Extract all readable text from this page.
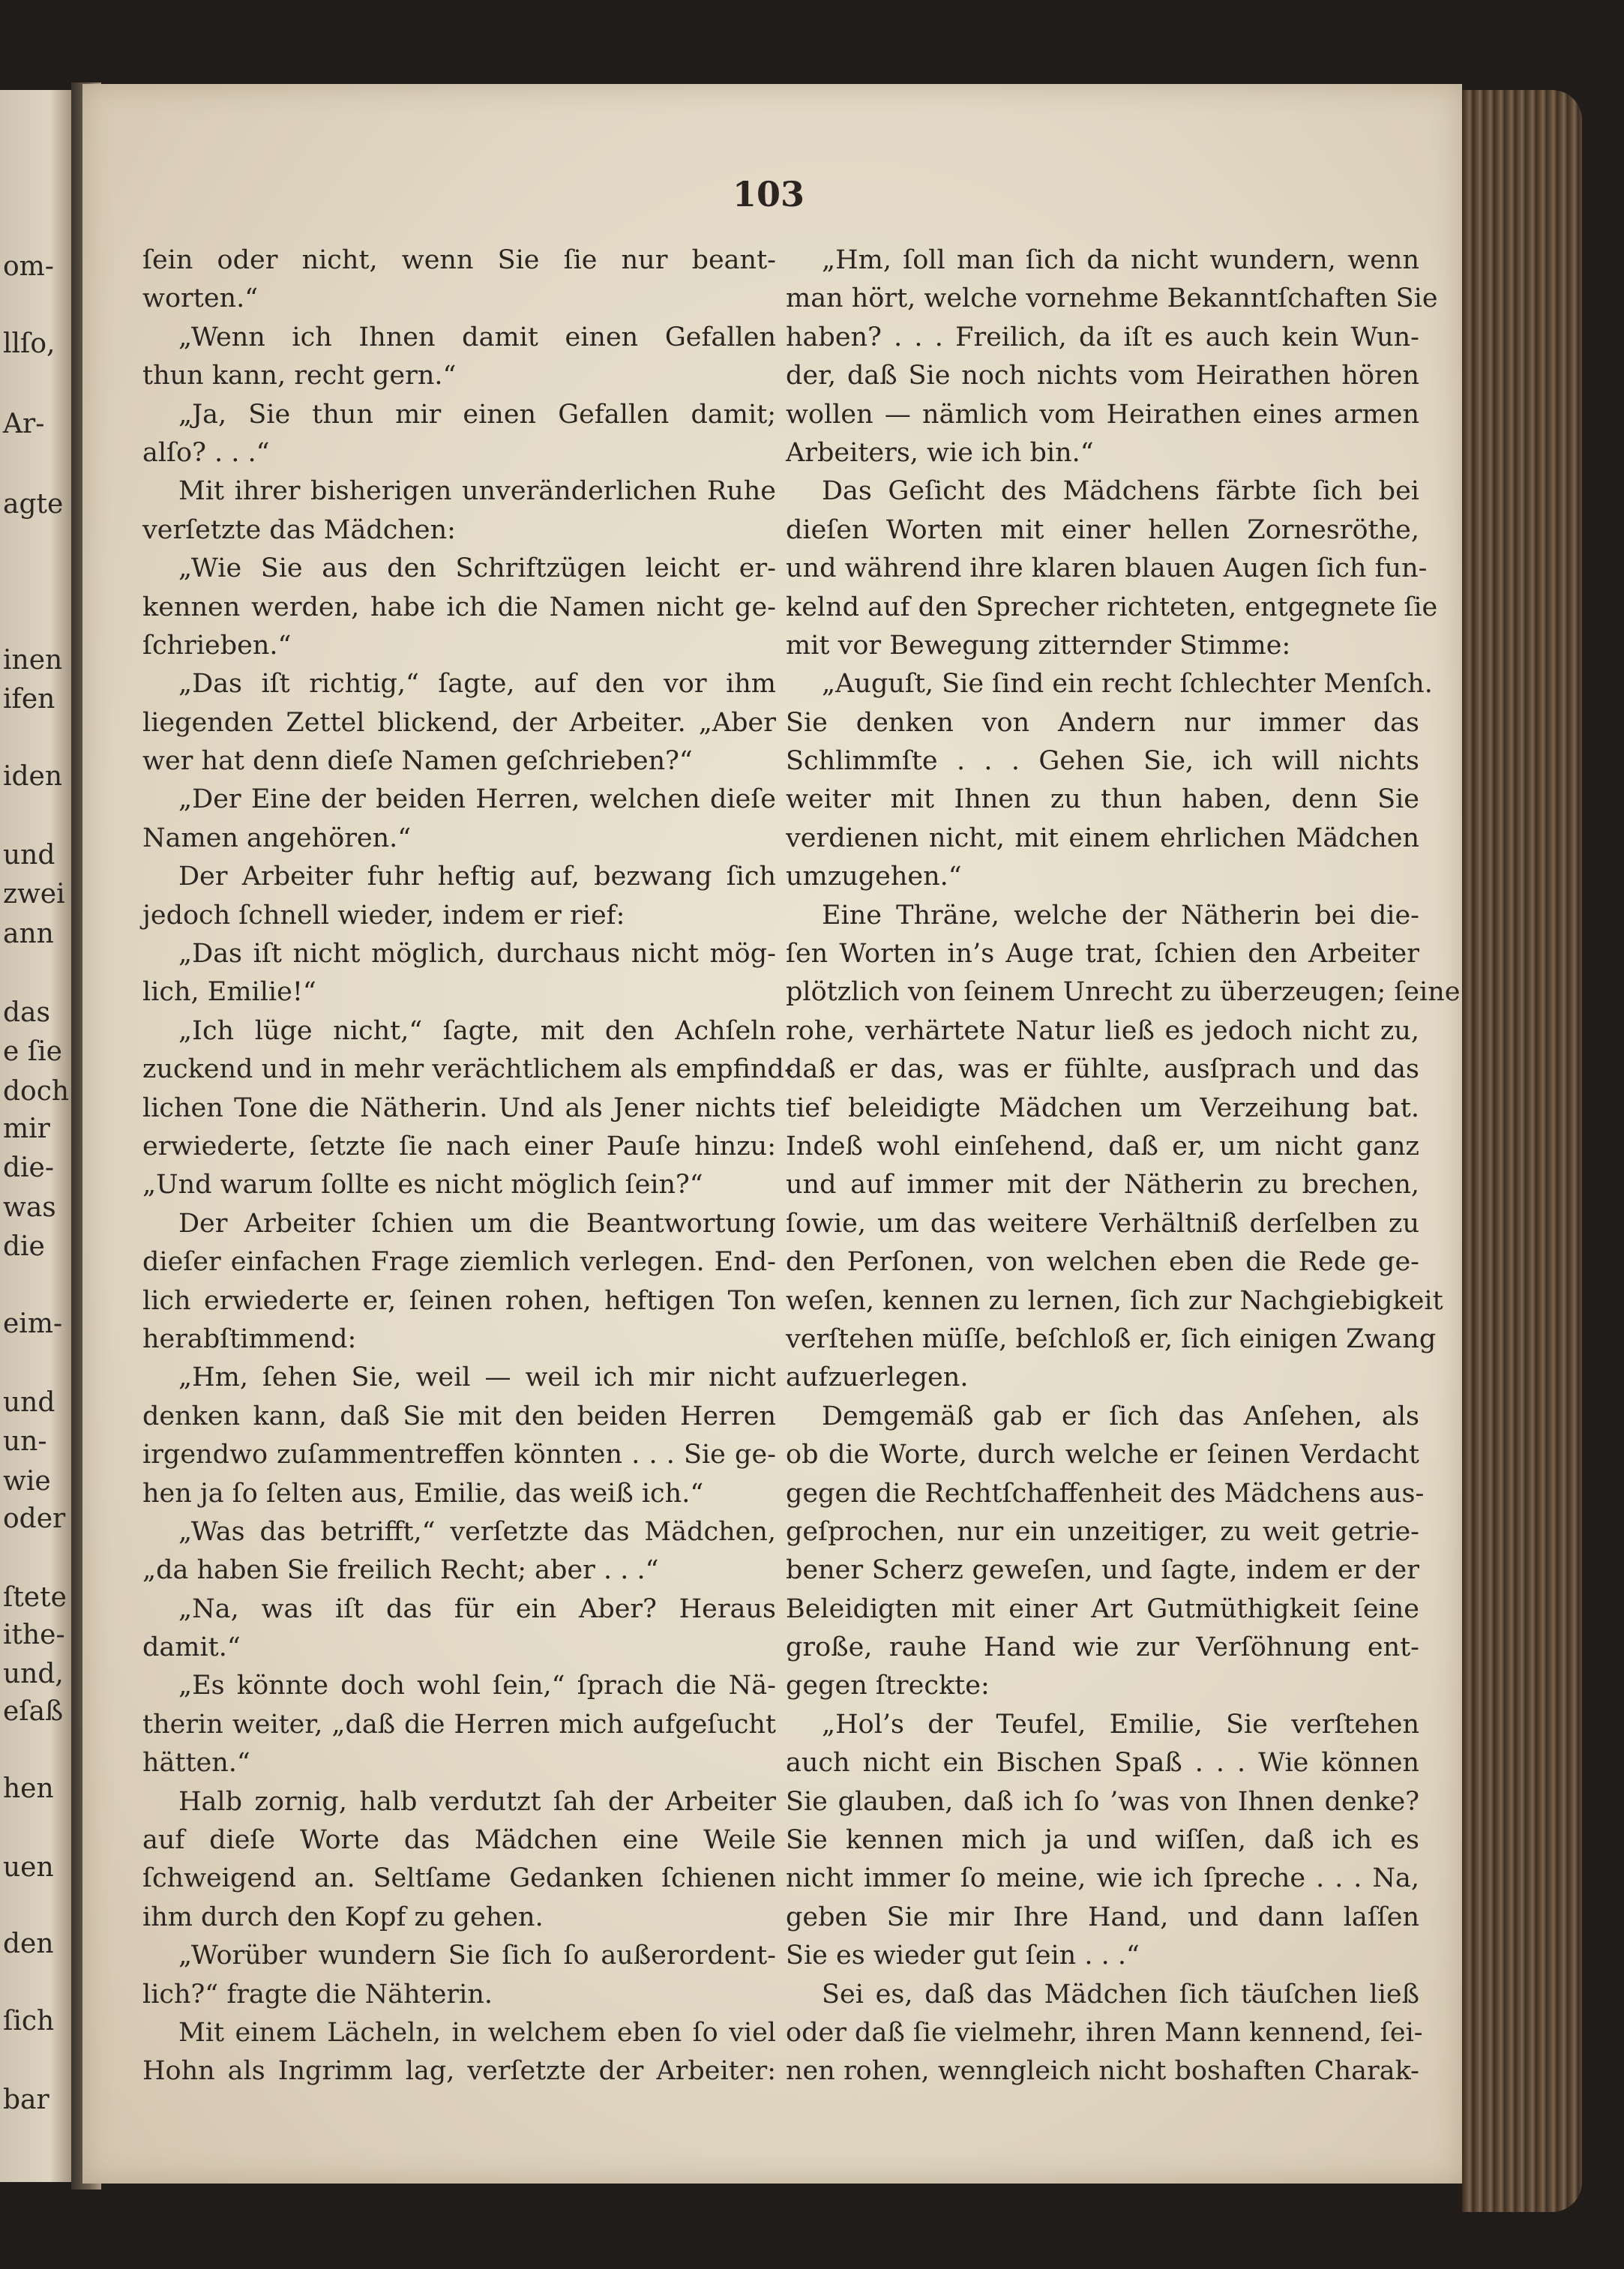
om-
llſo,
Ar-
agte
inen
ifen
iden
und
zwei
ann
das
e ſie
doch
mir
die-
was
die
eim-
und
un-
wie
oder
ſtete
ithe-
und,
eſaß
hen
uen
den
ſich
bar
103
ſein oder nicht, wenn Sie ſie nur beant-
worten.“
„Wenn ich Ihnen damit einen Gefallen
thun kann, recht gern.“
„Ja, Sie thun mir einen Gefallen damit;
alſo? . . .“
Mit ihrer bisherigen unveränderlichen Ruhe
verſetzte das Mädchen:
„Wie Sie aus den Schriftzügen leicht er-
kennen werden, habe ich die Namen nicht ge-
ſchrieben.“
„Das iſt richtig,“ ſagte, auf den vor ihm
liegenden Zettel blickend, der Arbeiter. „Aber
wer hat denn dieſe Namen geſchrieben?“
„Der Eine der beiden Herren, welchen dieſe
Namen angehören.“
Der Arbeiter fuhr heftig auf, bezwang ſich
jedoch ſchnell wieder, indem er rief:
„Das iſt nicht möglich, durchaus nicht mög-
lich, Emilie!“
„Ich lüge nicht,“ ſagte, mit den Achſeln
zuckend und in mehr verächtlichem als empfind-
lichen Tone die Nätherin. Und als Jener nichts
erwiederte, ſetzte ſie nach einer Pauſe hinzu:
„Und warum ſollte es nicht möglich ſein?“
Der Arbeiter ſchien um die Beantwortung
dieſer einfachen Frage ziemlich verlegen. End-
lich erwiederte er, ſeinen rohen, heftigen Ton
herabſtimmend:
„Hm, ſehen Sie, weil — weil ich mir nicht
denken kann, daß Sie mit den beiden Herren
irgendwo zuſammentreffen könnten . . . Sie ge-
hen ja ſo ſelten aus, Emilie, das weiß ich.“
„Was das betrifft,“ verſetzte das Mädchen,
„da haben Sie freilich Recht; aber . . .“
„Na, was iſt das für ein Aber? Heraus
damit.“
„Es könnte doch wohl ſein,“ ſprach die Nä-
therin weiter, „daß die Herren mich aufgeſucht
hätten.“
Halb zornig, halb verdutzt ſah der Arbeiter
auf dieſe Worte das Mädchen eine Weile
ſchweigend an. Seltſame Gedanken ſchienen
ihm durch den Kopf zu gehen.
„Worüber wundern Sie ſich ſo außerordent-
lich?“ fragte die Nähterin.
Mit einem Lächeln, in welchem eben ſo viel
Hohn als Ingrimm lag, verſetzte der Arbeiter:
„Hm, ſoll man ſich da nicht wundern, wenn
man hört, welche vornehme Bekanntſchaften Sie
haben? . . . Freilich, da iſt es auch kein Wun-
der, daß Sie noch nichts vom Heirathen hören
wollen — nämlich vom Heirathen eines armen
Arbeiters, wie ich bin.“
Das Geſicht des Mädchens färbte ſich bei
dieſen Worten mit einer hellen Zornesröthe,
und während ihre klaren blauen Augen ſich fun-
kelnd auf den Sprecher richteten, entgegnete ſie
mit vor Bewegung zitternder Stimme:
„Auguſt, Sie ſind ein recht ſchlechter Menſch.
Sie denken von Andern nur immer das
Schlimmſte . . . Gehen Sie, ich will nichts
weiter mit Ihnen zu thun haben, denn Sie
verdienen nicht, mit einem ehrlichen Mädchen
umzugehen.“
Eine Thräne, welche der Nätherin bei die-
ſen Worten in’s Auge trat, ſchien den Arbeiter
plötzlich von ſeinem Unrecht zu überzeugen; ſeine
rohe, verhärtete Natur ließ es jedoch nicht zu,
daß er das, was er fühlte, ausſprach und das
tief beleidigte Mädchen um Verzeihung bat.
Indeß wohl einſehend, daß er, um nicht ganz
und auf immer mit der Nätherin zu brechen,
ſowie, um das weitere Verhältniß derſelben zu
den Perſonen, von welchen eben die Rede ge-
weſen, kennen zu lernen, ſich zur Nachgiebigkeit
verſtehen müſſe, beſchloß er, ſich einigen Zwang
aufzuerlegen.
Demgemäß gab er ſich das Anſehen, als
ob die Worte, durch welche er ſeinen Verdacht
gegen die Rechtſchaffenheit des Mädchens aus-
geſprochen, nur ein unzeitiger, zu weit getrie-
bener Scherz geweſen, und ſagte, indem er der
Beleidigten mit einer Art Gutmüthigkeit ſeine
große, rauhe Hand wie zur Verſöhnung ent-
gegen ſtreckte:
„Hol’s der Teufel, Emilie, Sie verſtehen
auch nicht ein Bischen Spaß . . . Wie können
Sie glauben, daß ich ſo ’was von Ihnen denke?
Sie kennen mich ja und wiſſen, daß ich es
nicht immer ſo meine, wie ich ſpreche . . . Na,
geben Sie mir Ihre Hand, und dann laſſen
Sie es wieder gut ſein . . .“
Sei es, daß das Mädchen ſich täuſchen ließ
oder daß ſie vielmehr, ihren Mann kennend, ſei-
nen rohen, wenngleich nicht boshaften Charak-
